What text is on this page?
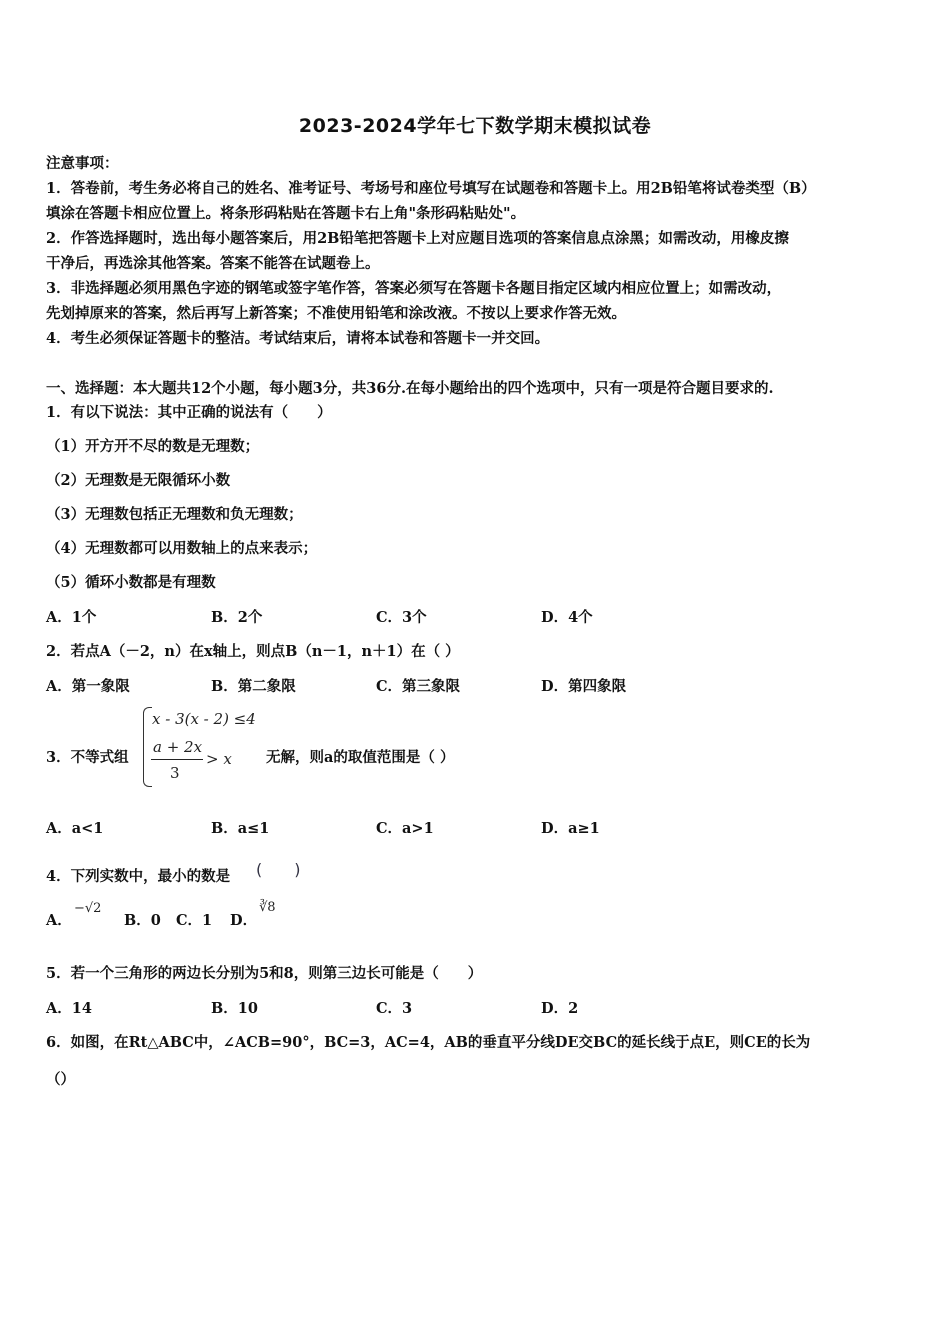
2023-2024学年七下数学期末模拟试卷
注意事项：
1．答卷前，考生务必将自己的姓名、准考证号、考场号和座位号填写在试题卷和答题卡上。用2B铅笔将试卷类型（B）
填涂在答题卡相应位置上。将条形码粘贴在答题卡右上角"条形码粘贴处"。
2．作答选择题时，选出每小题答案后，用2B铅笔把答题卡上对应题目选项的答案信息点涂黑；如需改动，用橡皮擦
干净后，再选涂其他答案。答案不能答在试题卷上。
3．非选择题必须用黑色字迹的钢笔或签字笔作答，答案必须写在答题卡各题目指定区域内相应位置上；如需改动，
先划掉原来的答案，然后再写上新答案；不准使用铅笔和涂改液。不按以上要求作答无效。
4．考生必须保证答题卡的整洁。考试结束后，请将本试卷和答题卡一并交回。
一、选择题：本大题共12个小题，每小题3分，共36分.在每小题给出的四个选项中，只有一项是符合题目要求的.
1．有以下说法：其中正确的说法有（　　）
（1）开方开不尽的数是无理数；
（2）无理数是无限循环小数
（3）无理数包括正无理数和负无理数；
（4）无理数都可以用数轴上的点来表示；
（5）循环小数都是有理数
A．1个	B．2个	C．3个	D．4个
2．若点A（－2，n）在x轴上，则点B（n－1，n＋1）在（ ）
A．第一象限	B．第二象限	C．第三象限	D．第四象限
3．不等式组
x - 3(x - 2) ≤4
a + 2x
3
> x 无解，则a的取值范围是（ ）
A．a<1	B．a≤1	C．a>1	D．a≥1
4．下列实数中，最小的数是 (　　)
A．
−√2
B．0 C．1 D．
∛8
5．若一个三角形的两边长分别为5和8，则第三边长可能是（　　）
A．14	B．10	C．3	D．2
6．如图，在Rt△ABC中，∠ACB=90°，BC=3，AC=4，AB的垂直平分线DE交BC的延长线于点E，则CE的长为
（）
